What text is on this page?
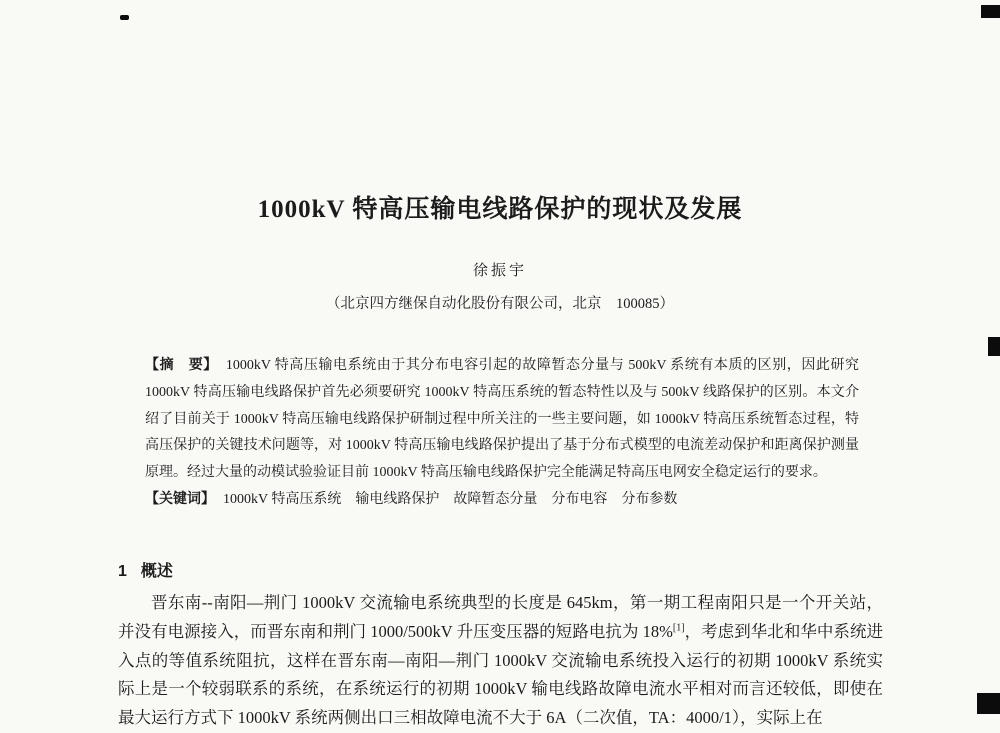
1000kV 特高压输电线路保护的现状及发展
徐振宇
（北京四方继保自动化股份有限公司，北京　100085）

【摘　要】 1000kV 特高压输电系统由于其分布电容引起的故障暂态分量与 500kV 系统有本质的区别，因此研究 1000kV 特高压输电线路保护首先必须要研究 1000kV 特高压系统的暂态特性以及与 500kV 线路保护的区别。本文介绍了目前关于 1000kV 特高压输电线路保护研制过程中所关注的一些主要问题，如 1000kV 特高压系统暂态过程，特高压保护的关键技术问题等，对 1000kV 特高压输电线路保护提出了基于分布式模型的电流差动保护和距离保护测量原理。经过大量的动模试验验证目前 1000kV 特高压输电线路保护完全能满足特高压电网安全稳定运行的要求。

【关键词】 1000kV 特高压系统　输电线路保护　故障暂态分量　分布电容　分布参数

1 概述

晋东南--南阳—荆门 1000kV 交流输电系统典型的长度是 645km，第一期工程南阳只是一个开关站，并没有电源接入，而晋东南和荆门 1000/500kV 升压变压器的短路电抗为 18%[1]，考虑到华北和华中系统进入点的等值系统阻抗，这样在晋东南—南阳—荆门 1000kV 交流输电系统投入运行的初期 1000kV 系统实际上是一个较弱联系的系统，在系统运行的初期 1000kV 输电线路故障电流水平相对而言还较低，即使在最大运行方式下 1000kV 系统两侧出口三相故障电流不大于 6A（二次值，TA：4000/1），实际上在
